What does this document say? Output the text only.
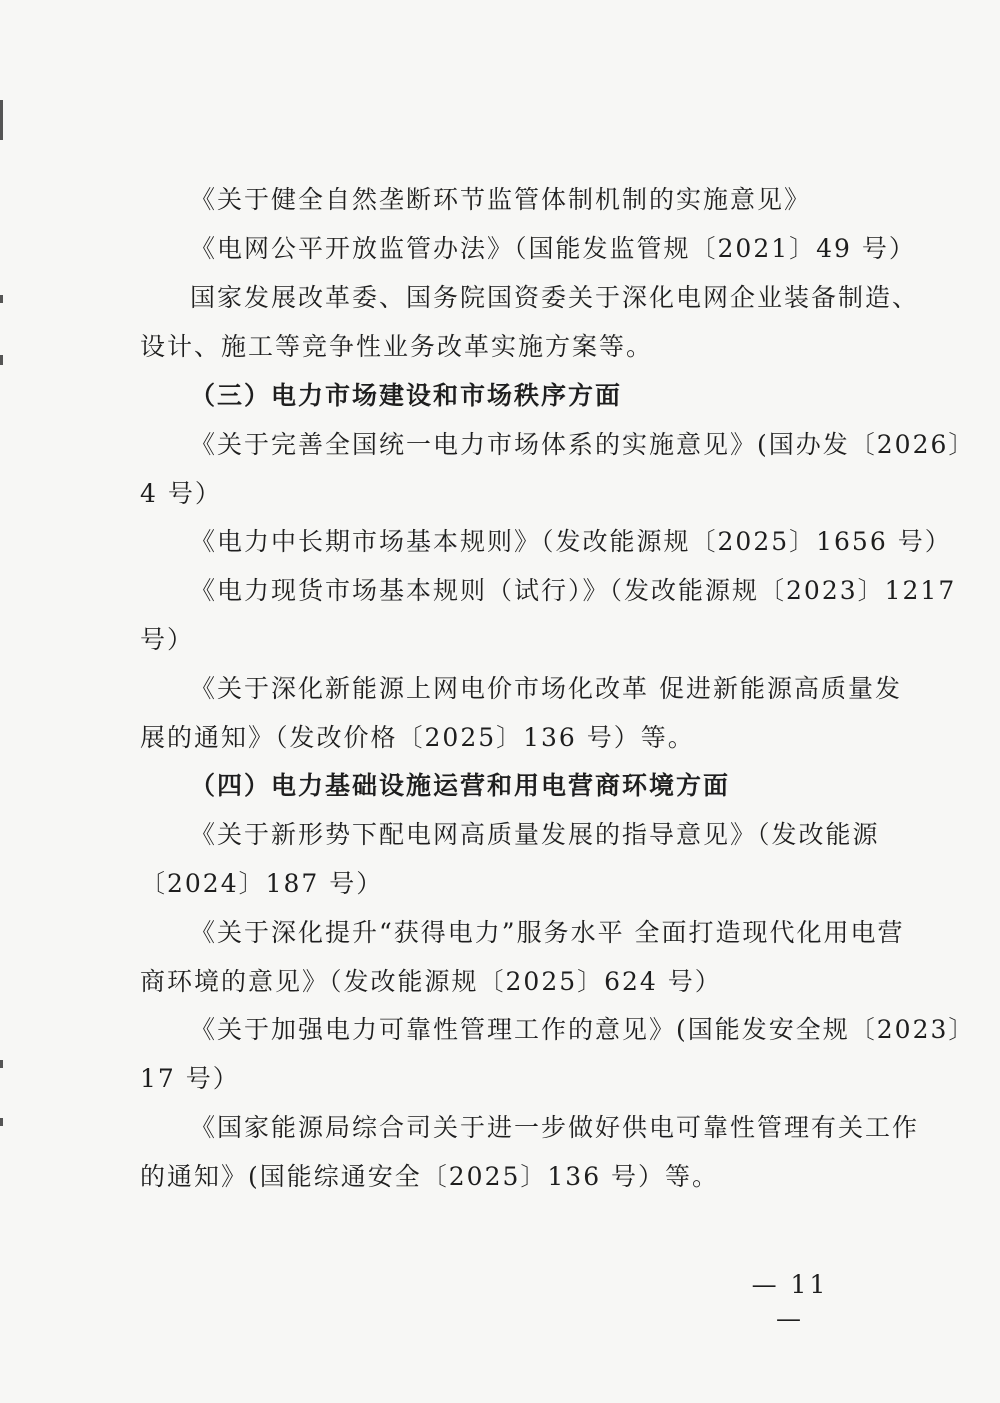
《关于健全自然垄断环节监管体制机制的实施意见》
《电网公平开放监管办法》（国能发监管规〔2021〕49 号）
国家发展改革委、国务院国资委关于深化电网企业装备制造、
设计、施工等竞争性业务改革实施方案等。
（三）电力市场建设和市场秩序方面
《关于完善全国统一电力市场体系的实施意见》(国办发〔2026〕
4 号）
《电力中长期市场基本规则》（发改能源规〔2025〕1656 号）
《电力现货市场基本规则（试行）》（发改能源规〔2023〕1217
号）
《关于深化新能源上网电价市场化改革 促进新能源高质量发
展的通知》（发改价格〔2025〕136 号）等。
（四）电力基础设施运营和用电营商环境方面
《关于新形势下配电网高质量发展的指导意见》（发改能源
〔2024〕187 号）
《关于深化提升“获得电力”服务水平 全面打造现代化用电营
商环境的意见》（发改能源规〔2025〕624 号）
《关于加强电力可靠性管理工作的意见》(国能发安全规〔2023〕
17 号）
《国家能源局综合司关于进一步做好供电可靠性管理有关工作
的通知》(国能综通安全〔2025〕136 号）等。
— 11 —
